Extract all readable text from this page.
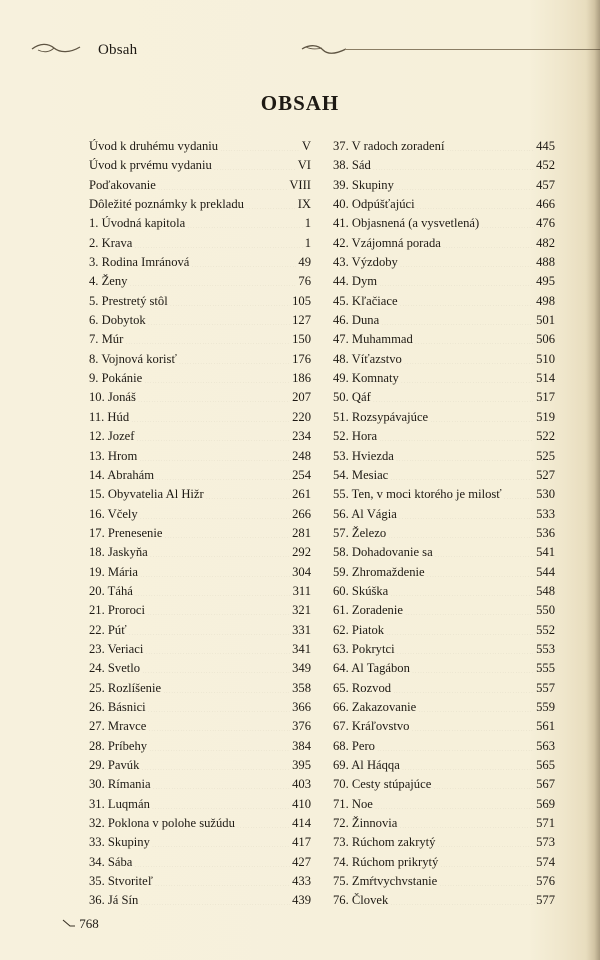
Obsah
OBSAH
Úvod k druhému vydaniu .....	V
Úvod k prvému vydaniu .....	VI
Poďakovanie .....	VIII
Dôležité poznámky k prekladu .....	IX
1. Úvodná kapitola .....	1
2. Krava .....	1
3. Rodina Imránová .....	49
4. Ženy .....	76
5. Prestretý stôl .....	105
6. Dobytok .....	127
7. Múr .....	150
8. Vojnová korisť .....	176
9. Pokánie .....	186
10. Jonáš .....	207
11. Húd .....	220
12. Jozef .....	234
13. Hrom .....	248
14. Abrahám .....	254
15. Obyvatelia Al Hižr .....	261
16. Včely .....	266
17. Prenesenie .....	281
18. Jaskyňa .....	292
19. Mária .....	304
20. Táhá .....	311
21. Proroci .....	321
22. Púť .....	331
23. Veriaci .....	341
24. Svetlo .....	349
25. Rozlíšenie .....	358
26. Básnici .....	366
27. Mravce .....	376
28. Príbehy .....	384
29. Pavúk .....	395
30. Rímania .....	403
31. Luqmán .....	410
32. Poklona v polohe sužúdu .....	414
33. Skupiny .....	417
34. Sába .....	427
35. Stvoriteľ .....	433
36. Já Sín .....	439
37. V radoch zoradení .....	445
38. Sád .....	452
39. Skupiny .....	457
40. Odpúšťajúci .....	466
41. Objasnená (a vysvetlená) .....	476
42. Vzájomná porada .....	482
43. Výzdoby .....	488
44. Dym .....	495
45. Kľačiace .....	498
46. Duna .....	501
47. Muhammad .....	506
48. Víťazstvo .....	510
49. Komnaty .....	514
50. Qáf .....	517
51. Rozsypávajúce .....	519
52. Hora .....	522
53. Hviezda .....	525
54. Mesiac .....	527
55. Ten, v moci ktorého je milosť .....	530
56. Al Vágia .....	533
57. Železo .....	536
58. Dohadovanie sa .....	541
59. Zhromaždenie .....	544
60. Skúška .....	548
61. Zoradenie .....	550
62. Piatok .....	552
63. Pokrytci .....	553
64. Al Tagábon .....	555
65. Rozvod .....	557
66. Zakazovanie .....	559
67. Kráľovstvo .....	561
68. Pero .....	563
69. Al Háqqa .....	565
70. Cesty stúpajúce .....	567
71. Noe .....	569
72. Žinnovia .....	571
73. Rúchom zakrytý .....	573
74. Rúchom prikrytý .....	574
75. Zmŕtvychvstanie .....	576
76. Človek .....	577
768
